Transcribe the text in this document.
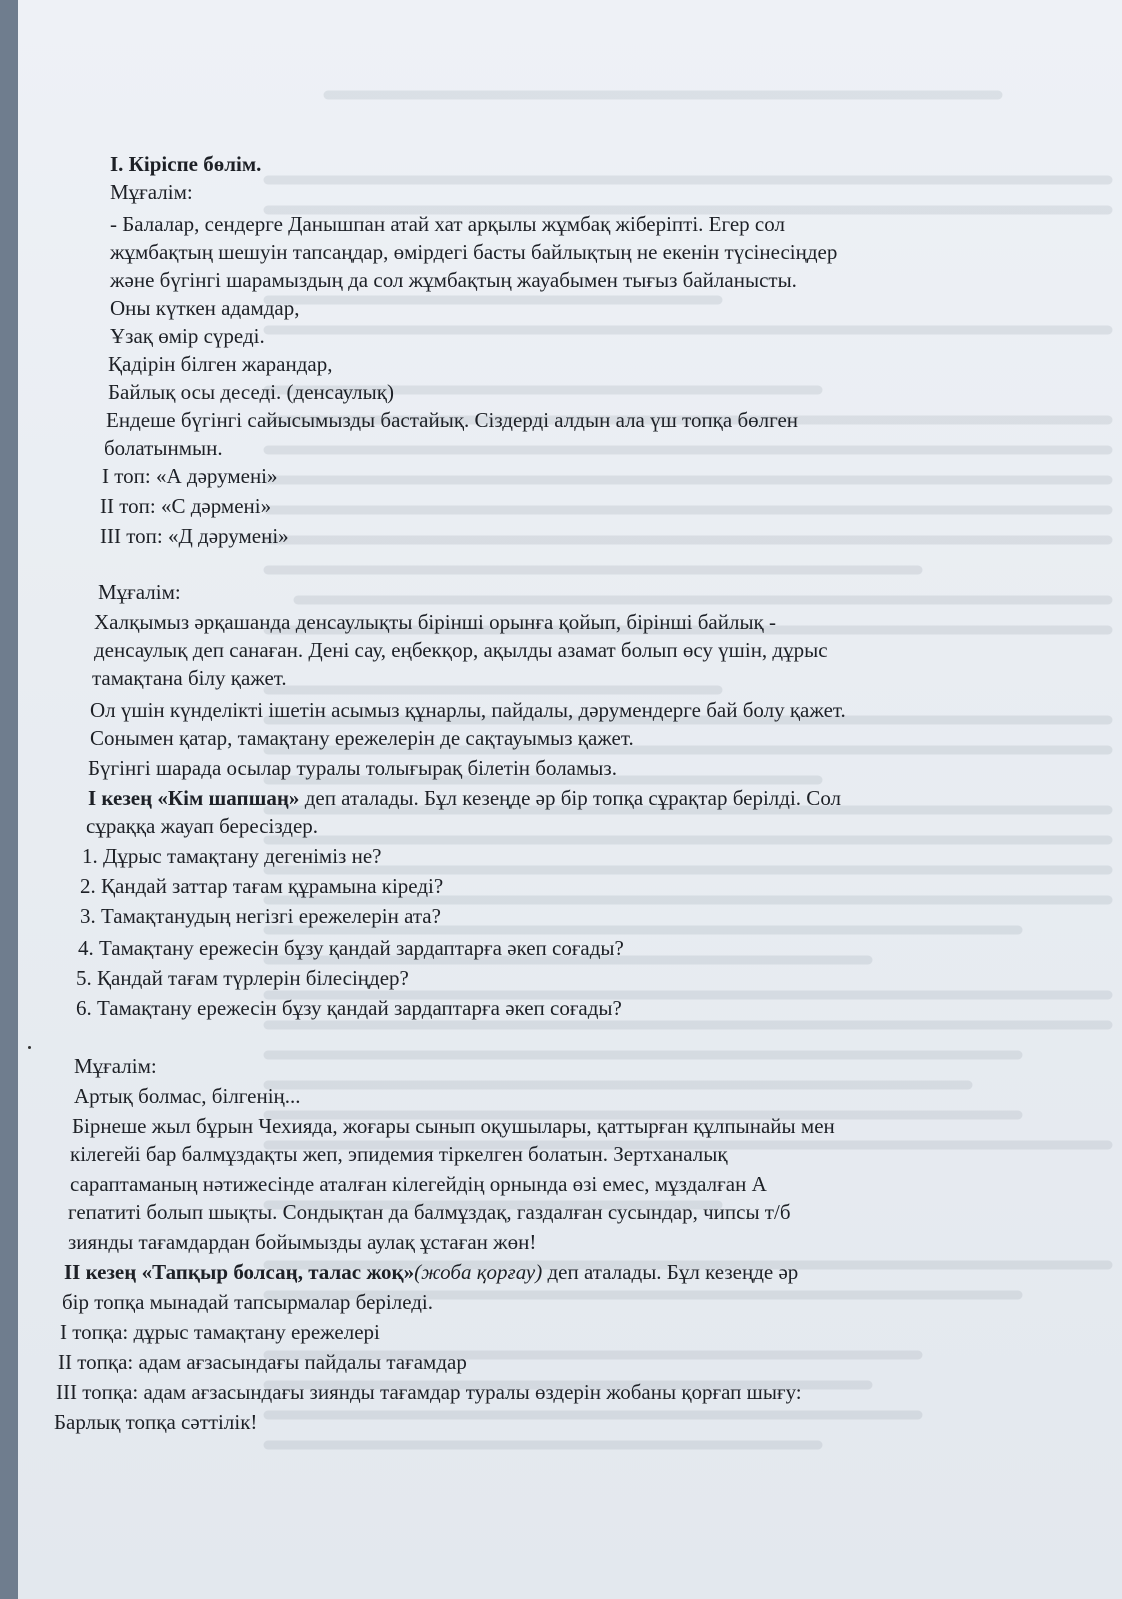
І. Кіріспе бөлім.
Мұғалім:
- Балалар, сендерге Данышпан атай хат арқылы жұмбақ жіберіпті. Егер сол
жұмбақтың шешуін тапсаңдар, өмірдегі басты байлықтың не екенін түсінесіңдер
және бүгінгі шарамыздың да сол жұмбақтың жауабымен тығыз байланысты.
Оны күткен адамдар,
Ұзақ өмір сүреді.
Қадірін білген жарандар,
Байлық осы деседі. (денсаулық)
Ендеше бүгінгі сайысымызды бастайық. Сіздерді алдын ала үш топқа бөлген
болатынмын.
І топ: «А дәрумені»
ІІ топ: «С дәрмені»
ІІІ топ: «Д дәрумені»
Мұғалім:
Халқымыз әрқашанда денсаулықты бірінші орынға қойып, бірінші байлық -
денсаулық деп санаған. Дені сау, еңбекқор, ақылды азамат болып өсу үшін, дұрыс
тамақтана білу қажет.
Ол үшін күнделікті ішетін асымыз құнарлы, пайдалы, дәрумендерге бай болу қажет.
Сонымен қатар, тамақтану ережелерін де сақтауымыз қажет.
Бүгінгі шарада осылар туралы толығырақ білетін боламыз.
І кезең «Кім шапшаң» деп аталады. Бұл кезеңде әр бір топқа сұрақтар берілді. Сол
сұраққа жауап бересіздер.
1. Дұрыс тамақтану дегеніміз не?
2. Қандай заттар тағам құрамына кіреді?
3. Тамақтанудың негізгі ережелерін ата?
4. Тамақтану ережесін бұзу қандай зардаптарға әкеп соғады?
5. Қандай тағам түрлерін білесіңдер?
6. Тамақтану ережесін бұзу қандай зардаптарға әкеп соғады?
Мұғалім:
Артық болмас, білгенің...
Бірнеше жыл бұрын Чехияда, жоғары сынып оқушылары, қаттырған құлпынайы мен
кілегейі бар балмұздақты жеп, эпидемия тіркелген болатын. Зертханалық
сараптаманың нәтижесінде аталған кілегейдің орнында өзі емес, мұздалған А
гепатиті болып шықты. Сондықтан да балмұздақ, газдалған сусындар, чипсы т/б
зиянды тағамдардан бойымызды аулақ ұстаған жөн!
ІІ кезең «Тапқыр болсаң, талас жоқ»(жоба қорғау) деп аталады. Бұл кезеңде әр
бір топқа мынадай тапсырмалар беріледі.
І топқа: дұрыс тамақтану ережелері
ІІ топқа: адам ағзасындағы пайдалы тағамдар
ІІІ топқа: адам ағзасындағы зиянды тағамдар туралы өздерін жобаны қорғап шығу:
Барлық топқа сәттілік!
